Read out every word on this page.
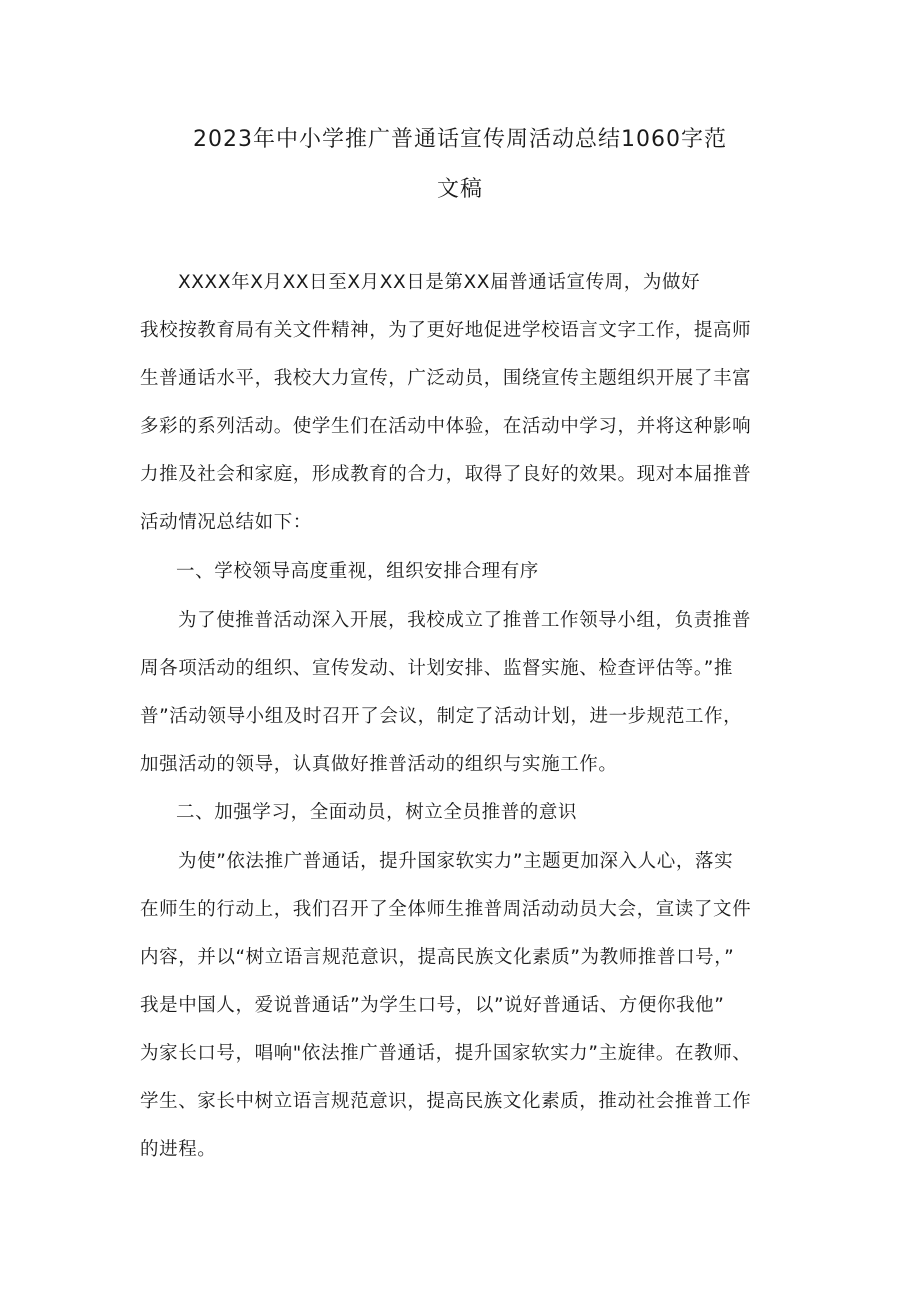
2023年中小学推广普通话宣传周活动总结1060字范
文稿
XXXX年X月XX日至X月XX日是第XX届普通话宣传周，为做好
我校按教育局有关文件精神，为了更好地促进学校语言文字工作，提高师
生普通话水平，我校大力宣传，广泛动员，围绕宣传主题组织开展了丰富
多彩的系列活动。使学生们在活动中体验，在活动中学习，并将这种影响
力推及社会和家庭，形成教育的合力，取得了良好的效果。现对本届推普
活动情况总结如下：
一、学校领导高度重视，组织安排合理有序
为了使推普活动深入开展，我校成立了推普工作领导小组，负责推普
周各项活动的组织、宣传发动、计划安排、监督实施、检查评估等。”推
普”活动领导小组及时召开了会议，制定了活动计划，进一步规范工作，
加强活动的领导，认真做好推普活动的组织与实施工作。
二、加强学习，全面动员，树立全员推普的意识
为使”依法推广普通话，提升国家软实力”主题更加深入人心，落实
在师生的行动上，我们召开了全体师生推普周活动动员大会，宣读了文件
内容，并以“树立语言规范意识，提高民族文化素质”为教师推普口号，”
我是中国人，爱说普通话”为学生口号，以”说好普通话、方便你我他”
为家长口号，唱响"依法推广普通话，提升国家软实力”主旋律。在教师、
学生、家长中树立语言规范意识，提高民族文化素质，推动社会推普工作
的进程。
